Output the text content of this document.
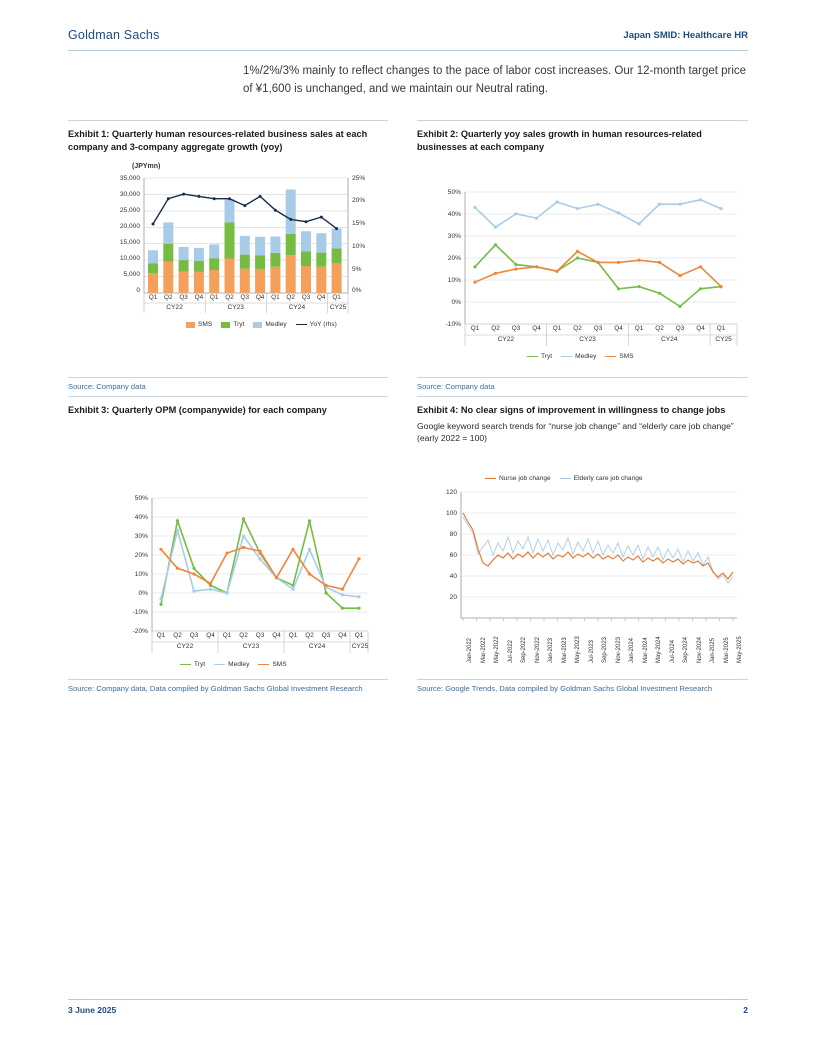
Goldman Sachs	Japan SMID: Healthcare HR
1%/2%/3% mainly to reflect changes to the pace of labor cost increases. Our 12-month target price of ¥1,600 is unchanged, and we maintain our Neutral rating.
Exhibit 1: Quarterly human resources-related business sales at each company and 3-company aggregate growth (yoy)
(JPYmn)
35,000
30,000
25,000
20,000
15,000
10,000
5,000
0
25%
20%
15%
10%
5%
0%
Q1	Q2	Q3	Q4	Q1	Q2	Q3	Q4	Q1	Q2	Q3	Q4	Q1
CY22	CY23	CY24	CY25
SMS	Tryt	Medley	YoY (rhs)
Source: Company data
Exhibit 2: Quarterly yoy sales growth in human resources-related businesses at each company
50%
40%
30%
20%
10%
0%
-10%
Q1	Q2	Q3	Q4	Q1	Q2	Q3	Q4	Q1	Q2	Q3	Q4	Q1
CY22	CY23	CY24	CY25
Tryt	Medley	SMS
Source: Company data
Exhibit 3: Quarterly OPM (companywide) for each company
50%
40%
30%
20%
10%
0%
-10%
-20%
Q1	Q2	Q3	Q4	Q1	Q2	Q3	Q4	Q1	Q2	Q3	Q4	Q1
CY22	CY23	CY24	CY25
Tryt	Medley	SMS
Source: Company data, Data compiled by Goldman Sachs Global Investment Research
Exhibit 4: No clear signs of improvement in willingness to change jobs
Google keyword search trends for “nurse job change” and “elderly care job change” (early 2022 = 100)
Nurse job change	Elderly care job change
120
100
80
60
40
20
Jan-2022 Mar-2022 May-2022 Jul-2022 Sep-2022 Nov-2022 Jan-2023 Mar-2023 May-2023 Jul-2023 Sep-2023 Nov-2023 Jan-2024 Mar-2024 May-2024 Jul-2024 Sep-2024 Nov-2024 Jan-2025 Mar-2025 May-2025
Source: Google Trends, Data compiled by Goldman Sachs Global Investment Research
3 June 2025	2
